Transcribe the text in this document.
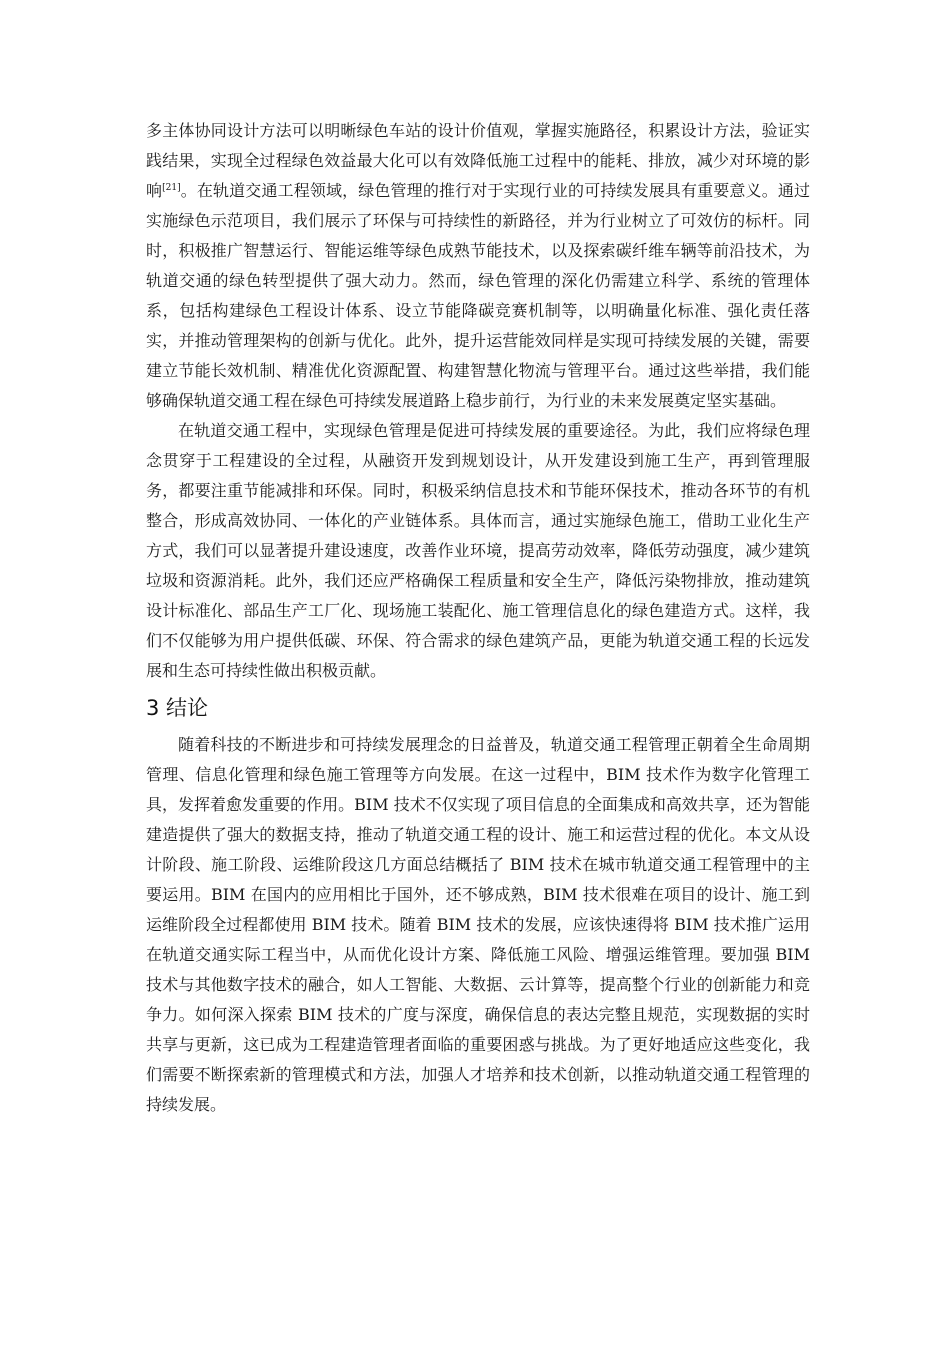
多主体协同设计方法可以明晰绿色车站的设计价值观，掌握实施路径，积累设计方法，验证实践结果，实现全过程绿色效益最大化可以有效降低施工过程中的能耗、排放，减少对环境的影响[21]。在轨道交通工程领域，绿色管理的推行对于实现行业的可持续发展具有重要意义。通过实施绿色示范项目，我们展示了环保与可持续性的新路径，并为行业树立了可效仿的标杆。同时，积极推广智慧运行、智能运维等绿色成熟节能技术，以及探索碳纤维车辆等前沿技术，为轨道交通的绿色转型提供了强大动力。然而，绿色管理的深化仍需建立科学、系统的管理体系，包括构建绿色工程设计体系、设立节能降碳竞赛机制等，以明确量化标准、强化责任落实，并推动管理架构的创新与优化。此外，提升运营能效同样是实现可持续发展的关键，需要建立节能长效机制、精准优化资源配置、构建智慧化物流与管理平台。通过这些举措，我们能够确保轨道交通工程在绿色可持续发展道路上稳步前行，为行业的未来发展奠定坚实基础。

在轨道交通工程中，实现绿色管理是促进可持续发展的重要途径。为此，我们应将绿色理念贯穿于工程建设的全过程，从融资开发到规划设计，从开发建设到施工生产，再到管理服务，都要注重节能减排和环保。同时，积极采纳信息技术和节能环保技术，推动各环节的有机整合，形成高效协同、一体化的产业链体系。具体而言，通过实施绿色施工，借助工业化生产方式，我们可以显著提升建设速度，改善作业环境，提高劳动效率，降低劳动强度，减少建筑垃圾和资源消耗。此外，我们还应严格确保工程质量和安全生产，降低污染物排放，推动建筑设计标准化、部品生产工厂化、现场施工装配化、施工管理信息化的绿色建造方式。这样，我们不仅能够为用户提供低碳、环保、符合需求的绿色建筑产品，更能为轨道交通工程的长远发展和生态可持续性做出积极贡献。

3 结论

随着科技的不断进步和可持续发展理念的日益普及，轨道交通工程管理正朝着全生命周期管理、信息化管理和绿色施工管理等方向发展。在这一过程中，BIM 技术作为数字化管理工具，发挥着愈发重要的作用。BIM 技术不仅实现了项目信息的全面集成和高效共享，还为智能建造提供了强大的数据支持，推动了轨道交通工程的设计、施工和运营过程的优化。本文从设计阶段、施工阶段、运维阶段这几方面总结概括了 BIM 技术在城市轨道交通工程管理中的主要运用。BIM 在国内的应用相比于国外，还不够成熟，BIM 技术很难在项目的设计、施工到运维阶段全过程都使用 BIM 技术。随着 BIM 技术的发展，应该快速得将 BIM 技术推广运用在轨道交通实际工程当中，从而优化设计方案、降低施工风险、增强运维管理。要加强 BIM 技术与其他数字技术的融合，如人工智能、大数据、云计算等，提高整个行业的创新能力和竞争力。如何深入探索 BIM 技术的广度与深度，确保信息的表达完整且规范，实现数据的实时共享与更新，这已成为工程建造管理者面临的重要困惑与挑战。为了更好地适应这些变化，我们需要不断探索新的管理模式和方法，加强人才培养和技术创新，以推动轨道交通工程管理的持续发展。
